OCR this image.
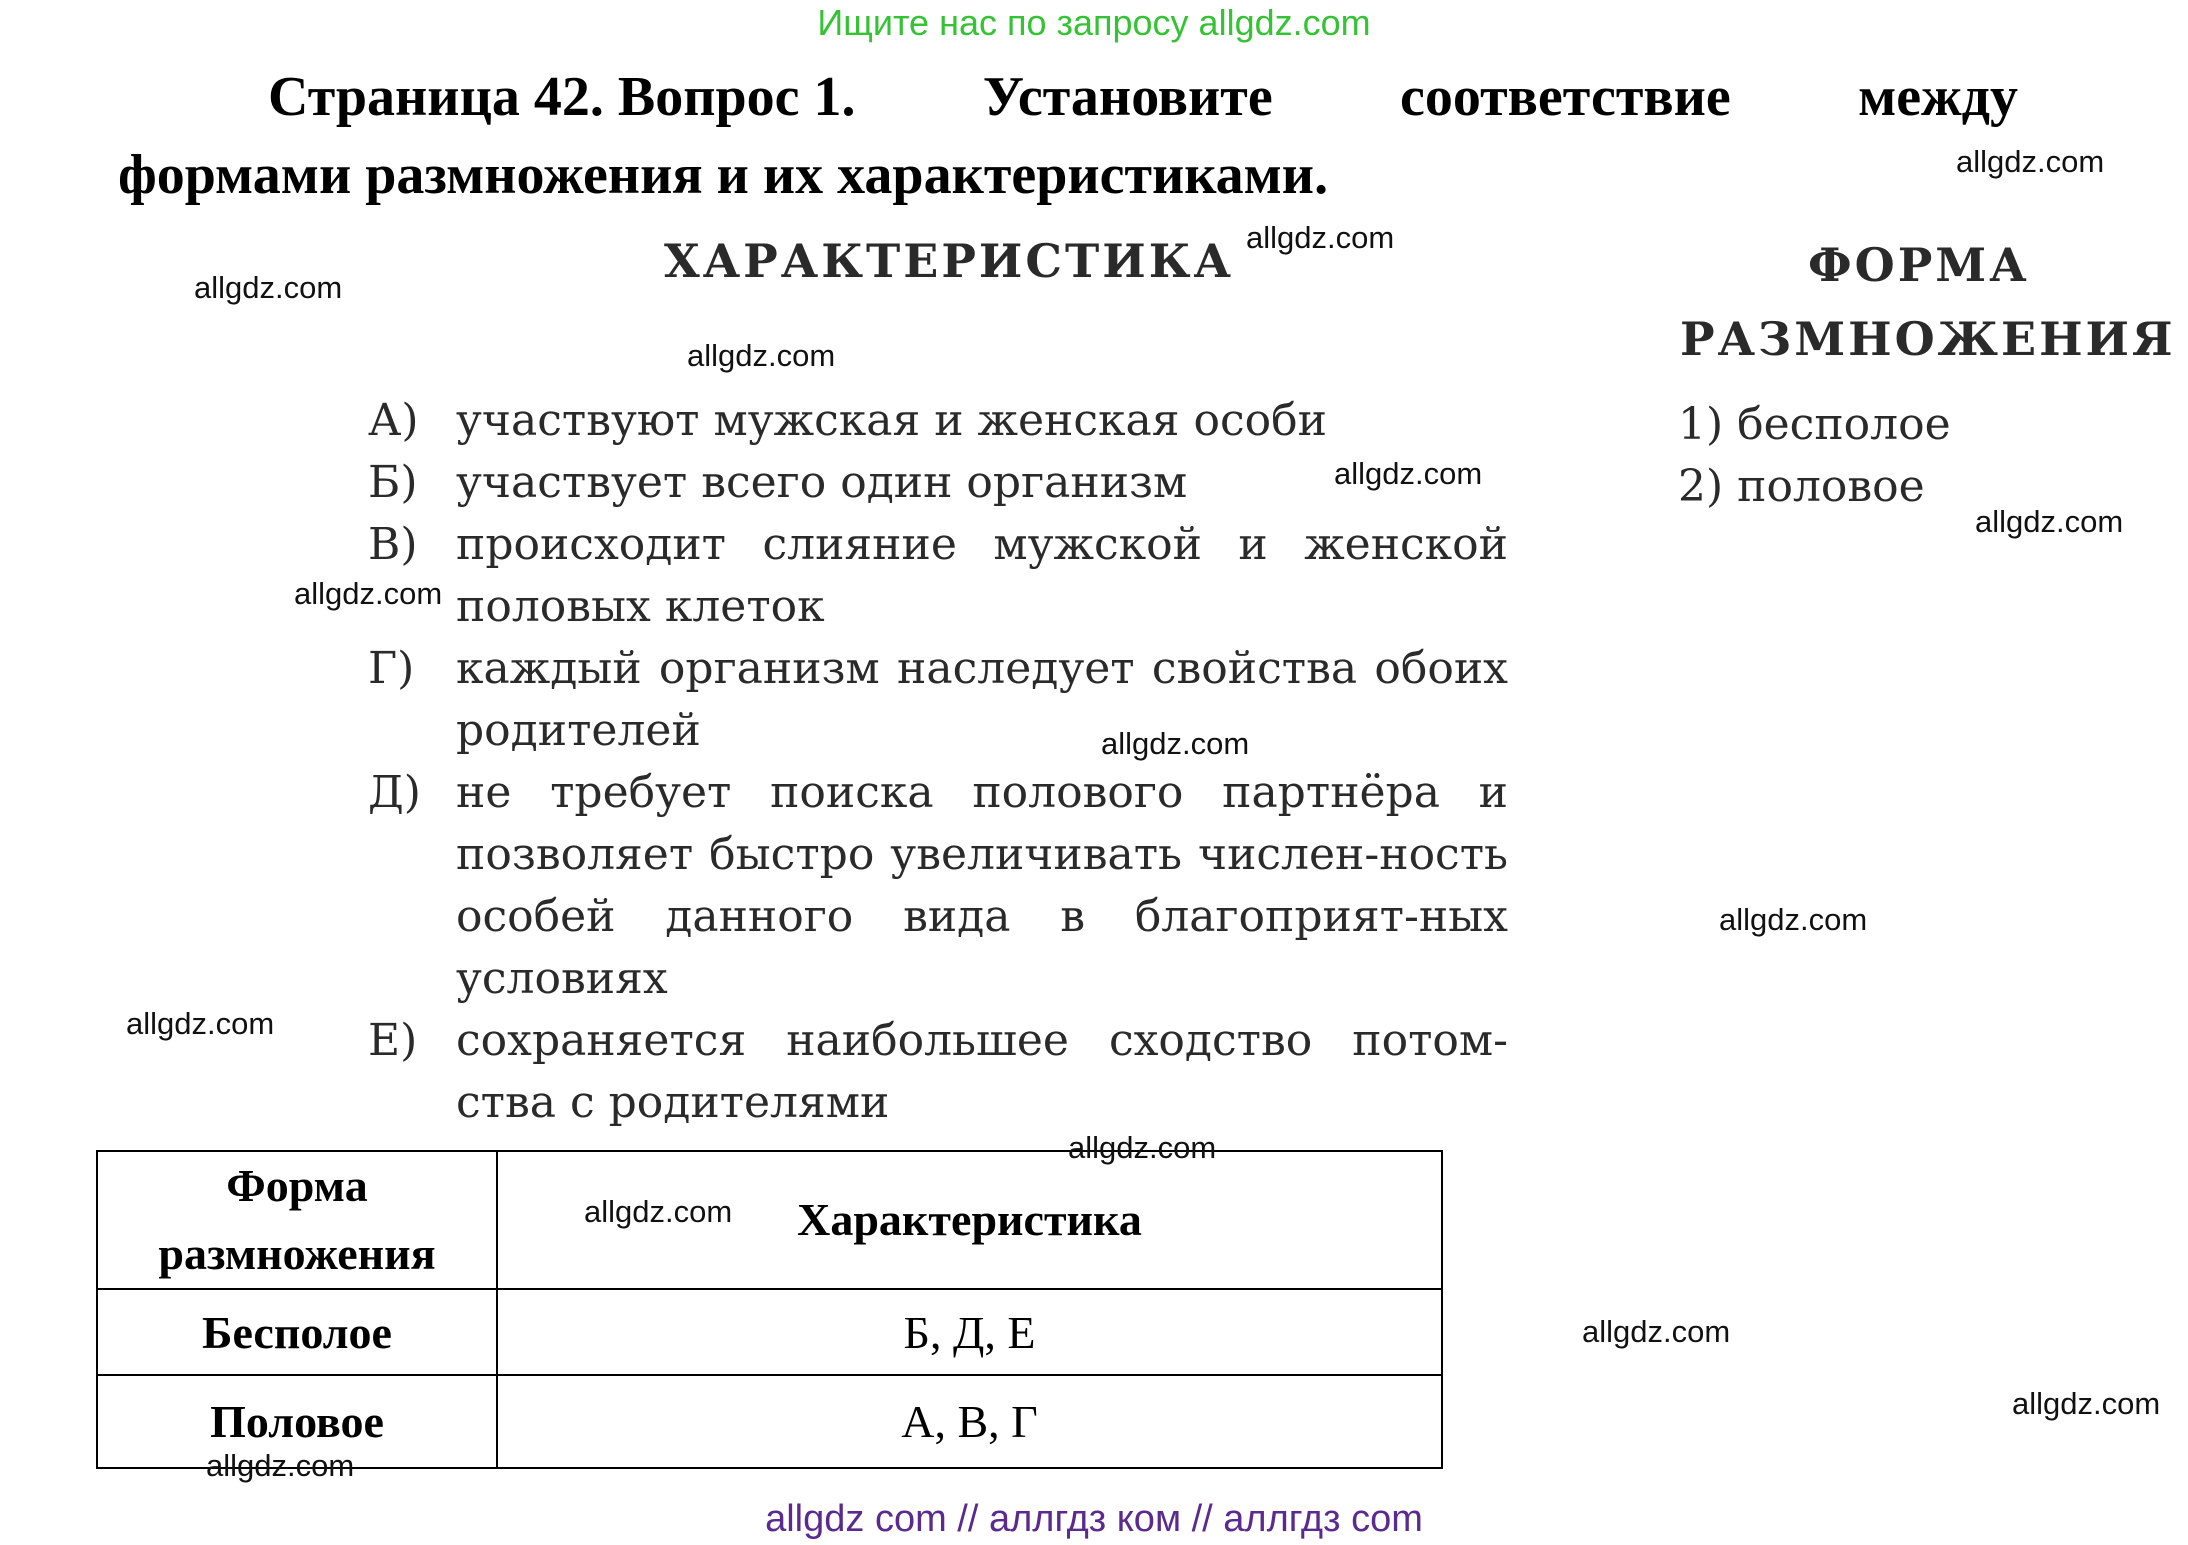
Ищите нас по запросу allgdz.com
Страница 42. Вопрос 1. Установите соответствие между
формами размножения и их характеристиками.
ХАРАКТЕРИСТИКА	ФОРМА
РАЗМНОЖЕНИЯ
А) участвуют мужская и женская особи
Б) участвует всего один организм
В) происходит слияние мужской и женской половых клеток
Г) каждый организм наследует свойства обоих родителей
Д) не требует поиска полового партнёра и позволяет быстро увеличивать числен-ность особей данного вида в благоприят-ных условиях
Е) сохраняется наибольшее сходство потом-ства с родителями
1) бесполое
2) половое
Форма
размножения	Характеристика
Бесполое	Б, Д, Е
Половое	А, В, Г
allgdz.com
allgdz.com
allgdz.com
allgdz.com
allgdz.com
allgdz.com
allgdz.com
allgdz.com
allgdz.com
allgdz.com
allgdz.com
allgdz.com
allgdz.com
allgdz.com
allgdz.com
allgdz com // аллгдз ком // аллгдз com
